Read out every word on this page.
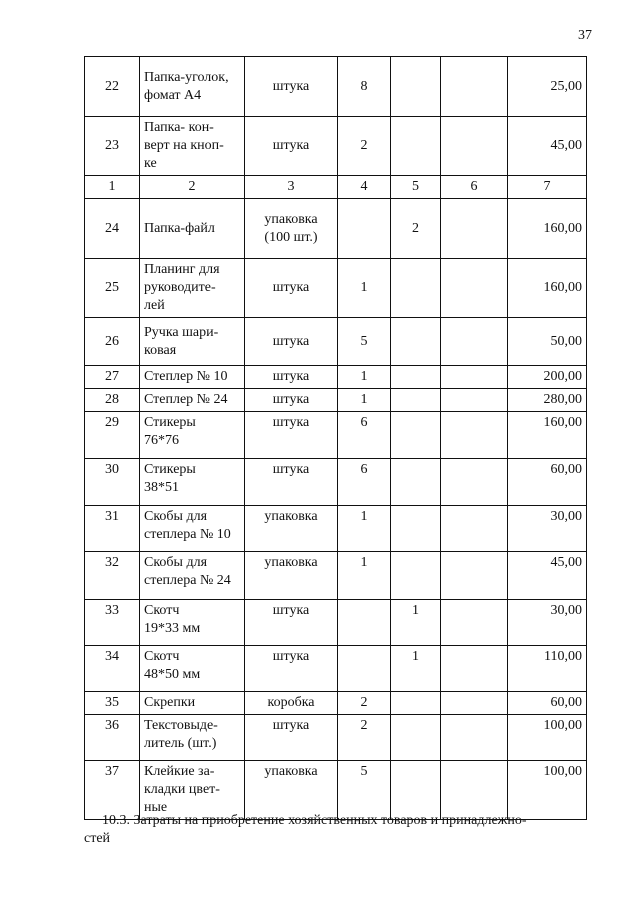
37
22	Папка-уголок,
фомат А4	штука	8			25,00
23	Папка- кон-
верт на кноп-
ке	штука	2			45,00
1	2	3	4	5	6	7
24	Папка-файл	упаковка
(100 шт.)		2		160,00
25	Планинг для
руководите-
лей	штука	1			160,00
26	Ручка шари-
ковая	штука	5			50,00
27	Степлер № 10	штука	1			200,00
28	Степлер № 24	штука	1			280,00
29	Стикеры
76*76	штука	6			160,00
30	Стикеры
38*51	штука	6			60,00
31	Скобы для
степлера № 10	упаковка	1			30,00
32	Скобы для
степлера № 24	упаковка	1			45,00
33	Скотч
19*33 мм	штука		1		30,00
34	Скотч
48*50 мм	штука		1		110,00
35	Скрепки	коробка	2			60,00
36	Текстовыде-
литель (шт.)	штука	2			100,00
37	Клейкие за-
кладки цвет-
ные	упаковка	5			100,00
10.3. Затраты на приобретение хозяйственных товаров и принадлежно-
стей
